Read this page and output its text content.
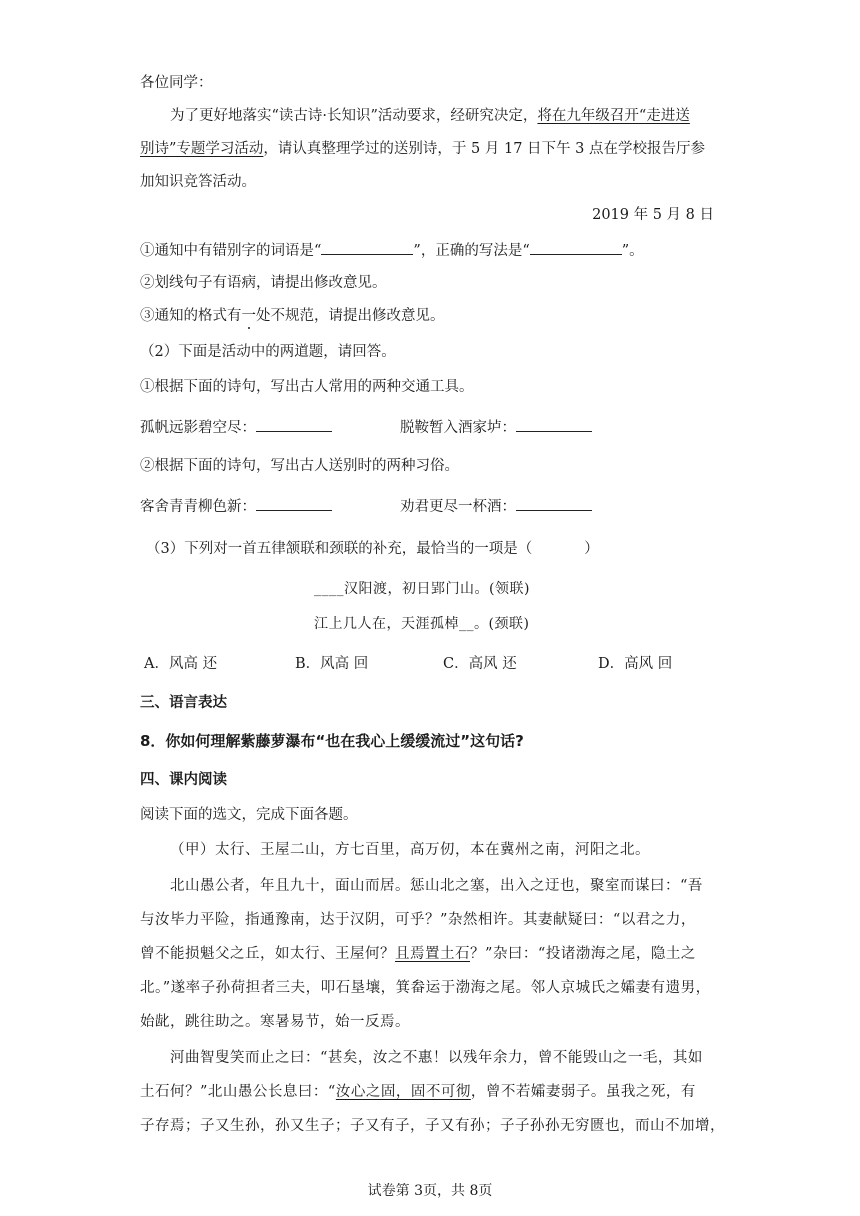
各位同学：
为了更好地落实“读古诗·长知识”活动要求，经研究决定，将在九年级召开“走进送
别诗”专题学习活动，请认真整理学过的送别诗，于 5 月 17 日下午 3 点在学校报告厅参
加知识竞答活动。
2019 年 5 月 8 日
①通知中有错别字的词语是“	”，正确的写法是“	”。
②划线句子有语病，请提出修改意见。
③通知的格式有一处不规范，请提出修改意见。
（2）下面是活动中的两道题，请回答。
①根据下面的诗句，写出古人常用的两种交通工具。
孤帆远影碧空尽：	脱鞍暂入酒家垆：
②根据下面的诗句，写出古人送别时的两种习俗。
客舍青青柳色新：	劝君更尽一杯酒：
（3）下列对一首五律颔联和颈联的补充，最恰当的一项是（	）
____汉阳渡，初日郢门山。(领联)
江上几人在，天涯孤棹__。(颈联)
A．风高 还	B．风高 回	C．高风 还	D．高风 回
三、语言表达
8．你如何理解紫藤萝瀑布“也在我心上缓缓流过”这句话?
四、课内阅读
阅读下面的选文，完成下面各题。
（甲）太行、王屋二山，方七百里，高万仞，本在冀州之南，河阳之北。
北山愚公者，年且九十，面山而居。惩山北之塞，出入之迂也，聚室而谋曰：“吾
与汝毕力平险，指通豫南，达于汉阴，可乎？”杂然相许。其妻献疑曰：“以君之力，
曾不能损魁父之丘，如太行、王屋何？且焉置土石？”杂曰：“投诸渤海之尾，隐土之
北。”遂率子孙荷担者三夫，叩石垦壤，箕畚运于渤海之尾。邻人京城氏之孀妻有遗男，
始龀，跳往助之。寒暑易节，始一反焉。
河曲智叟笑而止之曰：“甚矣，汝之不惠！以残年余力，曾不能毁山之一毛，其如
土石何？”北山愚公长息曰：“汝心之固，固不可彻，曾不若孀妻弱子。虽我之死，有
子存焉；子又生孙，孙又生子；子又有子，子又有孙；子子孙孙无穷匮也，而山不加增，
试卷第 3页，共 8页
